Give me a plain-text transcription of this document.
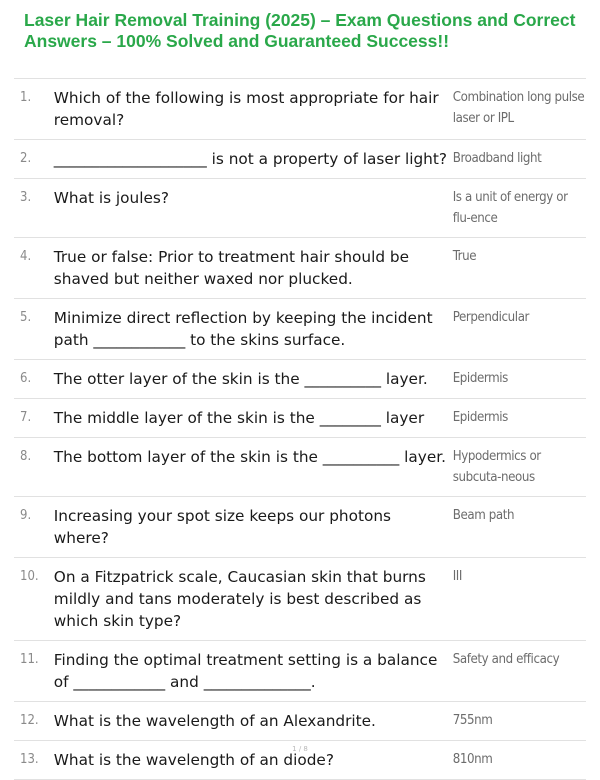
Laser Hair Removal Training (2025) – Exam Questions and Correct Answers – 100% Solved and Guaranteed Success!!
1.	Which of the following is most appropriate for hair removal?	Combination long pulse laser or IPL
2.	____________________ is not a property of laser light?	Broadband light
3.	What is joules?	Is a unit of energy or flu-ence
4.	True or false: Prior to treatment hair should be shaved but neither waxed nor plucked.	True
5.	Minimize direct reflection by keeping the incident path ____________ to the skins surface.	Perpendicular
6.	The otter layer of the skin is the __________ layer.	Epidermis
7.	The middle layer of the skin is the ________ layer	Epidermis
8.	The bottom layer of the skin is the __________ layer.	Hypodermics or subcuta-neous
9.	Increasing your spot size keeps our photons where?	Beam path
10.	On a Fitzpatrick scale, Caucasian skin that burns mildly and tans moderately is best described as which skin type?	III
11.	Finding the optimal treatment setting is a balance of ____________ and ______________.	Safety and efficacy
12.	What is the wavelength of an Alexandrite.	755nm
13.	What is the wavelength of an diode?	810nm
1 / 8
